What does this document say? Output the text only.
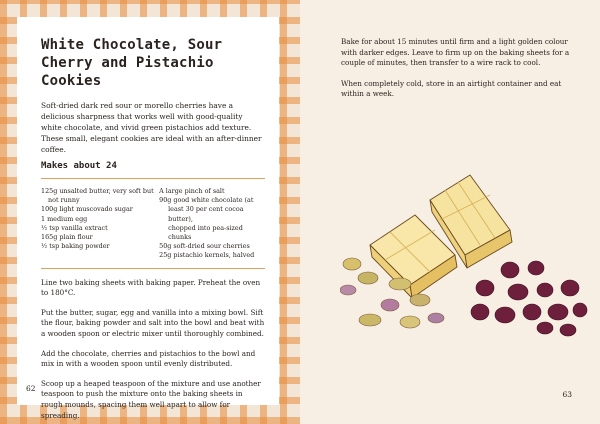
White Chocolate, Sour Cherry and Pistachio Cookies

Soft-dried dark red sour or morello cherries have a delicious sharpness that works well with good-quality white chocolate, and vivid green pistachios add texture. These small, elegant cookies are ideal with an after-dinner coffee.

Makes about 24
125g unsalted butter, very soft but
not runny
100g light muscovado sugar
1 medium egg
½ tsp vanilla extract
165g plain flour
½ tsp baking powder
A large pinch of salt
90g good white chocolate (at
least 30 per cent cocoa butter),
chopped into pea-sized chunks
50g soft-dried sour cherries
25g pistachio kernels, halved

Line two baking sheets with baking paper. Preheat the oven to 180°C.

Put the butter, sugar, egg and vanilla into a mixing bowl. Sift the flour, baking powder and salt into the bowl and beat with a wooden spoon or electric mixer until thoroughly combined.

Add the chocolate, cherries and pistachios to the bowl and mix in with a wooden spoon until evenly distributed.

Scoop up a heaped teaspoon of the mixture and use another teaspoon to push the mixture onto the baking sheets in rough mounds, spacing them well apart to allow for spreading.

62

Bake for about 15 minutes until firm and a light golden colour with darker edges. Leave to firm up on the baking sheets for a couple of minutes, then transfer to a wire rack to cool.

When completely cold, store in an airtight container and eat within a week.

63
